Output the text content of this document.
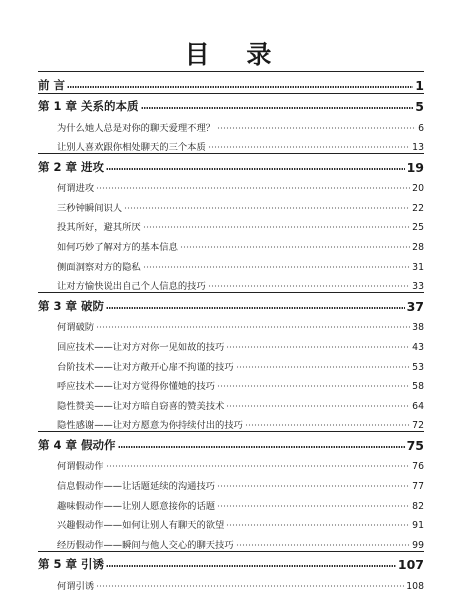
目 录
前 言	1
第 1 章 关系的本质	5
为什么她人总是对你的聊天爱理不理？	6
让别人喜欢跟你相处聊天的三个本质	13
第 2 章 进攻	19
何谓进攻	20
三秒钟瞬间识人	22
投其所好，避其所厌	25
如何巧妙了解对方的基本信息	28
侧面洞察对方的隐私	31
让对方愉快说出自己个人信息的技巧	33
第 3 章 破防	37
何谓破防	38
回应技术——让对方对你一见如故的技巧	43
台阶技术——让对方敞开心扉不拘谨的技巧	53
呼应技术——让对方觉得你懂她的技巧	58
隐性赞美——让对方暗自窃喜的赞美技术	64
隐性感谢——让对方愿意为你持续付出的技巧	72
第 4 章 假动作	75
何谓假动作	76
信息假动作——让话题延续的沟通技巧	77
趣味假动作——让别人愿意接你的话题	82
兴趣假动作——如何让别人有聊天的欲望	91
经历假动作——瞬间与他人交心的聊天技巧	99
第 5 章 引诱	107
何谓引诱	108
